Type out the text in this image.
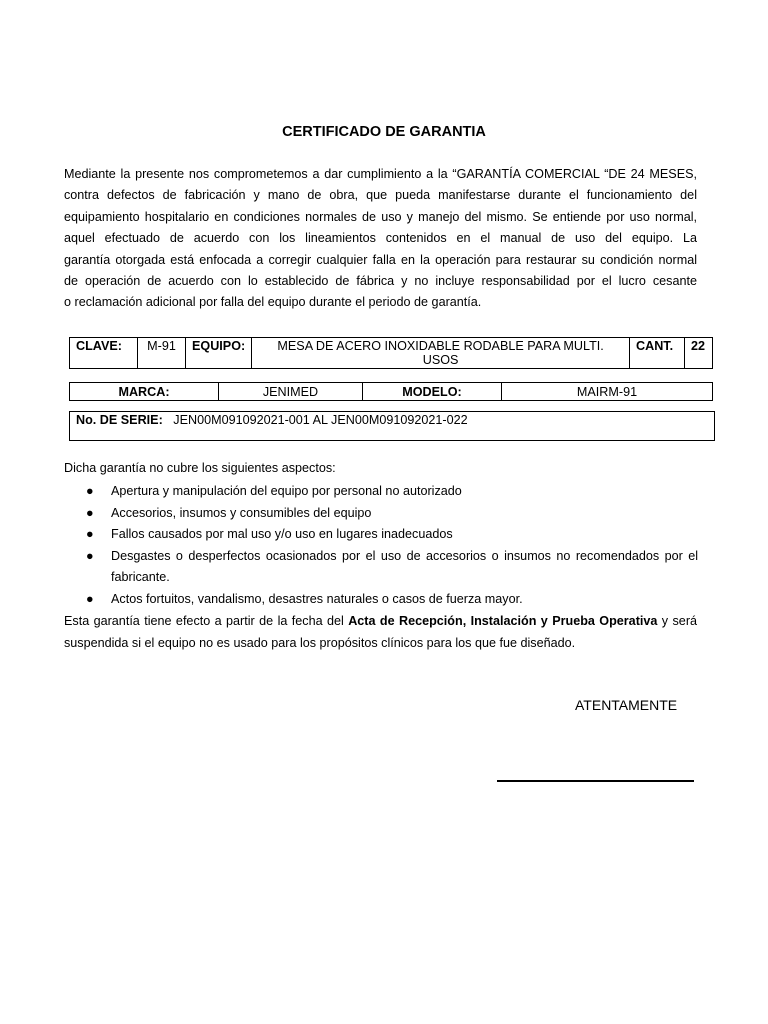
CERTIFICADO DE GARANTIA
Mediante la presente nos comprometemos a dar cumplimiento a la “GARANTÍA COMERCIAL “DE 24 MESES,
contra defectos de fabricación y mano de obra, que pueda manifestarse durante el funcionamiento del
equipamiento hospitalario en condiciones normales de uso y manejo del mismo. Se entiende por uso normal,
aquel efectuado de acuerdo con los lineamientos contenidos en el manual de uso del equipo. La
garantía otorgada está enfocada a corregir cualquier falla en la operación para restaurar su condición normal
de operación de acuerdo con lo establecido de fábrica y no incluye responsabilidad por el lucro cesante
o reclamación adicional por falla del equipo durante el periodo de garantía.
CLAVE:	M-91	EQUIPO:	MESA DE ACERO INOXIDABLE RODABLE PARA MULTI. USOS	CANT.	22
MARCA:	JENIMED	MODELO:	MAIRM-91
No. DE SERIE: JEN00M091092021-001 AL JEN00M091092021-022
Dicha garantía no cubre los siguientes aspectos:
● Apertura y manipulación del equipo por personal no autorizado
● Accesorios, insumos y consumibles del equipo
● Fallos causados por mal uso y/o uso en lugares inadecuados
● Desgastes o desperfectos ocasionados por el uso de accesorios o insumos no recomendados por el fabricante.
● Actos fortuitos, vandalismo, desastres naturales o casos de fuerza mayor.
Esta garantía tiene efecto a partir de la fecha del Acta de Recepción, Instalación y Prueba Operativa y será
suspendida si el equipo no es usado para los propósitos clínicos para los que fue diseñado.
ATENTAMENTE
